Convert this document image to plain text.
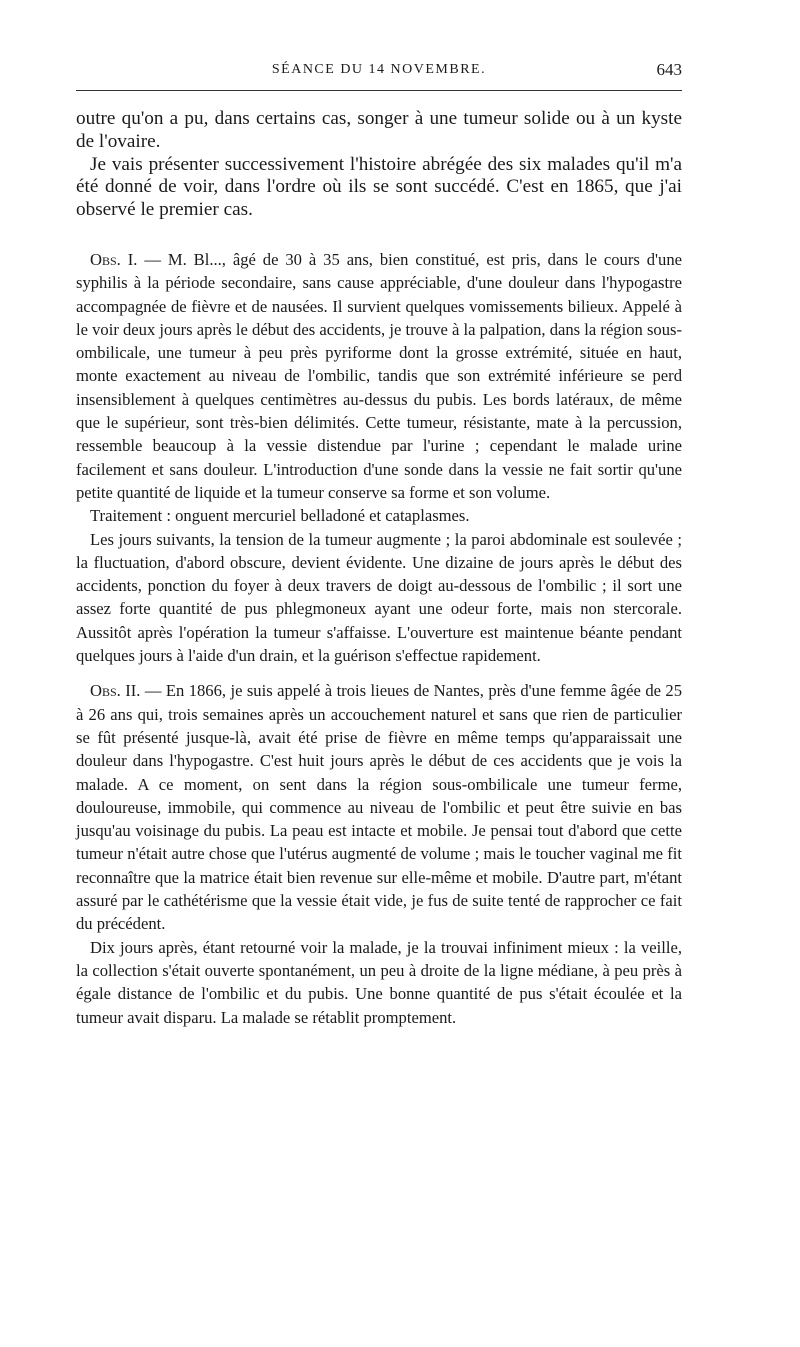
SÉANCE DU 14 NOVEMBRE.	643

outre qu'on a pu, dans certains cas, songer à une tumeur solide ou à un kyste de l'ovaire.

Je vais présenter successivement l'histoire abrégée des six malades qu'il m'a été donné de voir, dans l'ordre où ils se sont succédé. C'est en 1865, que j'ai observé le premier cas.

Obs. I. — M. Bl..., âgé de 30 à 35 ans, bien constitué, est pris, dans le cours d'une syphilis à la période secondaire, sans cause appréciable, d'une douleur dans l'hypogastre accompagnée de fièvre et de nausées. Il survient quelques vomissements bilieux. Appelé à le voir deux jours après le début des accidents, je trouve à la palpation, dans la région sous-ombilicale, une tumeur à peu près pyriforme dont la grosse extrémité, située en haut, monte exactement au niveau de l'ombilic, tandis que son extrémité inférieure se perd insensiblement à quelques centimètres au-dessus du pubis. Les bords latéraux, de même que le supérieur, sont très-bien délimités. Cette tumeur, résistante, mate à la percussion, ressemble beaucoup à la vessie distendue par l'urine ; cependant le malade urine facilement et sans douleur. L'introduction d'une sonde dans la vessie ne fait sortir qu'une petite quantité de liquide et la tumeur conserve sa forme et son volume.

Traitement : onguent mercuriel belladoné et cataplasmes.

Les jours suivants, la tension de la tumeur augmente ; la paroi abdominale est soulevée ; la fluctuation, d'abord obscure, devient évidente. Une dizaine de jours après le début des accidents, ponction du foyer à deux travers de doigt au-dessous de l'ombilic ; il sort une assez forte quantité de pus phlegmoneux ayant une odeur forte, mais non stercorale. Aussitôt après l'opération la tumeur s'affaisse. L'ouverture est maintenue béante pendant quelques jours à l'aide d'un drain, et la guérison s'effectue rapidement.

Obs. II. — En 1866, je suis appelé à trois lieues de Nantes, près d'une femme âgée de 25 à 26 ans qui, trois semaines après un accouchement naturel et sans que rien de particulier se fût présenté jusque-là, avait été prise de fièvre en même temps qu'apparaissait une douleur dans l'hypogastre. C'est huit jours après le début de ces accidents que je vois la malade. A ce moment, on sent dans la région sous-ombilicale une tumeur ferme, douloureuse, immobile, qui commence au niveau de l'ombilic et peut être suivie en bas jusqu'au voisinage du pubis. La peau est intacte et mobile. Je pensai tout d'abord que cette tumeur n'était autre chose que l'utérus augmenté de volume ; mais le toucher vaginal me fit reconnaître que la matrice était bien revenue sur elle-même et mobile. D'autre part, m'étant assuré par le cathétérisme que la vessie était vide, je fus de suite tenté de rapprocher ce fait du précédent.

Dix jours après, étant retourné voir la malade, je la trouvai infiniment mieux : la veille, la collection s'était ouverte spontanément, un peu à droite de la ligne médiane, à peu près à égale distance de l'ombilic et du pubis. Une bonne quantité de pus s'était écoulée et la tumeur avait disparu. La malade se rétablit promptement.
